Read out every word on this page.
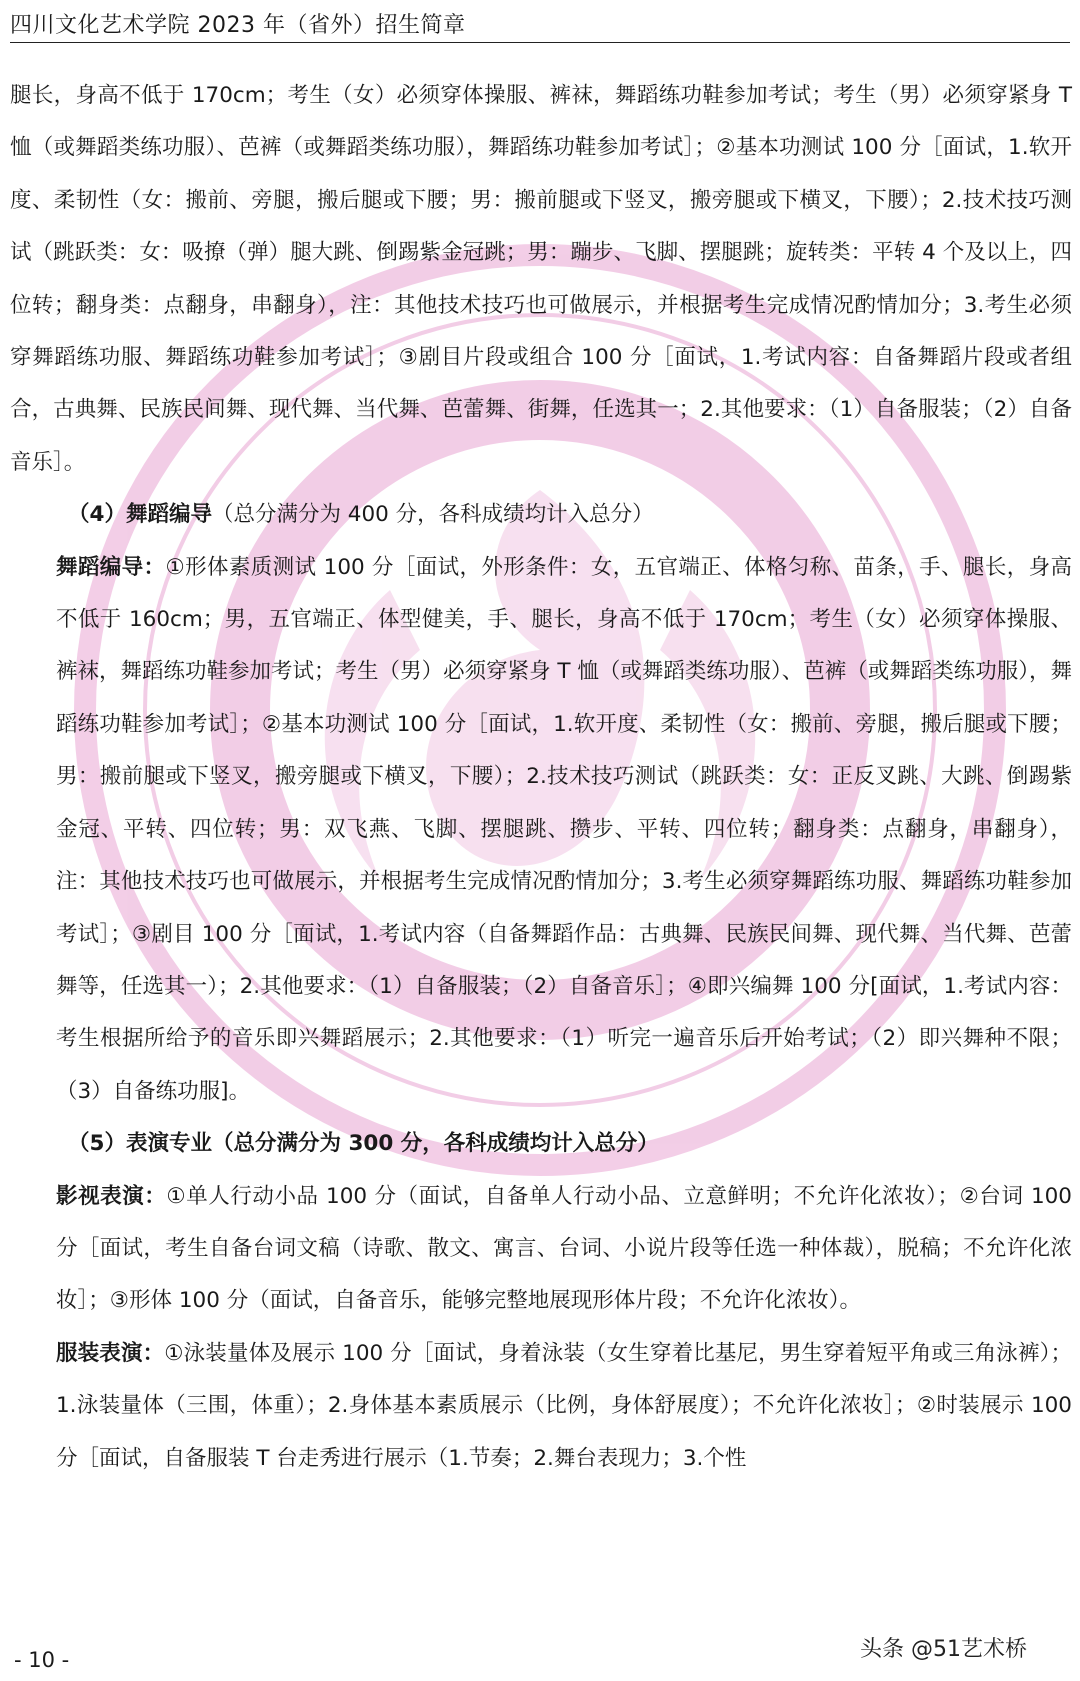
四川文化艺术学院 2023 年（省外）招生简章

腿长，身高不低于 170cm；考生（女）必须穿体操服、裤袜，舞蹈练功鞋参加考试；考生（男）必须穿紧身 T 恤（或舞蹈类练功服）、芭裤（或舞蹈类练功服），舞蹈练功鞋参加考试］；②基本功测试 100 分［面试，1.软开度、柔韧性（女：搬前、旁腿，搬后腿或下腰；男：搬前腿或下竖叉，搬旁腿或下横叉，下腰）；2.技术技巧测试（跳跃类：女：吸撩（弹）腿大跳、倒踢紫金冠跳；男：蹦步、飞脚、摆腿跳；旋转类：平转 4 个及以上，四位转；翻身类：点翻身，串翻身），注：其他技术技巧也可做展示，并根据考生完成情况酌情加分；3.考生必须穿舞蹈练功服、舞蹈练功鞋参加考试］；③剧目片段或组合 100 分［面试，1.考试内容：自备舞蹈片段或者组合，古典舞、民族民间舞、现代舞、当代舞、芭蕾舞、街舞，任选其一；2.其他要求：（1）自备服装；（2）自备音乐］。

（4）舞蹈编导（总分满分为 400 分，各科成绩均计入总分）

舞蹈编导：①形体素质测试 100 分［面试，外形条件：女，五官端正、体格匀称、苗条，手、腿长，身高不低于 160cm；男，五官端正、体型健美，手、腿长，身高不低于 170cm；考生（女）必须穿体操服、裤袜，舞蹈练功鞋参加考试；考生（男）必须穿紧身 T 恤（或舞蹈类练功服）、芭裤（或舞蹈类练功服），舞蹈练功鞋参加考试］；②基本功测试 100 分［面试，1.软开度、柔韧性（女：搬前、旁腿，搬后腿或下腰；男：搬前腿或下竖叉，搬旁腿或下横叉，下腰）；2.技术技巧测试（跳跃类：女：正反叉跳、大跳、倒踢紫金冠、平转、四位转；男：双飞燕、飞脚、摆腿跳、攒步、平转、四位转；翻身类：点翻身，串翻身），注：其他技术技巧也可做展示，并根据考生完成情况酌情加分；3.考生必须穿舞蹈练功服、舞蹈练功鞋参加考试］；③剧目 100 分［面试，1.考试内容（自备舞蹈作品：古典舞、民族民间舞、现代舞、当代舞、芭蕾舞等，任选其一）；2.其他要求：（1）自备服装；（2）自备音乐］；④即兴编舞 100 分[面试，1.考试内容：考生根据所给予的音乐即兴舞蹈展示；2.其他要求：（1）听完一遍音乐后开始考试；（2）即兴舞种不限；（3）自备练功服]。

（5）表演专业（总分满分为 300 分，各科成绩均计入总分）

影视表演：①单人行动小品 100 分（面试，自备单人行动小品、立意鲜明；不允许化浓妆）；②台词 100 分［面试，考生自备台词文稿（诗歌、散文、寓言、台词、小说片段等任选一种体裁），脱稿；不允许化浓妆］；③形体 100 分（面试，自备音乐，能够完整地展现形体片段；不允许化浓妆）。

服装表演：①泳装量体及展示 100 分［面试，身着泳装（女生穿着比基尼，男生穿着短平角或三角泳裤）；1.泳装量体（三围，体重）；2.身体基本素质展示（比例，身体舒展度）；不允许化浓妆］；②时装展示 100 分［面试，自备服装 T 台走秀进行展示（1.节奏；2.舞台表现力；3.个性

- 10 -	头条 @51艺术桥
